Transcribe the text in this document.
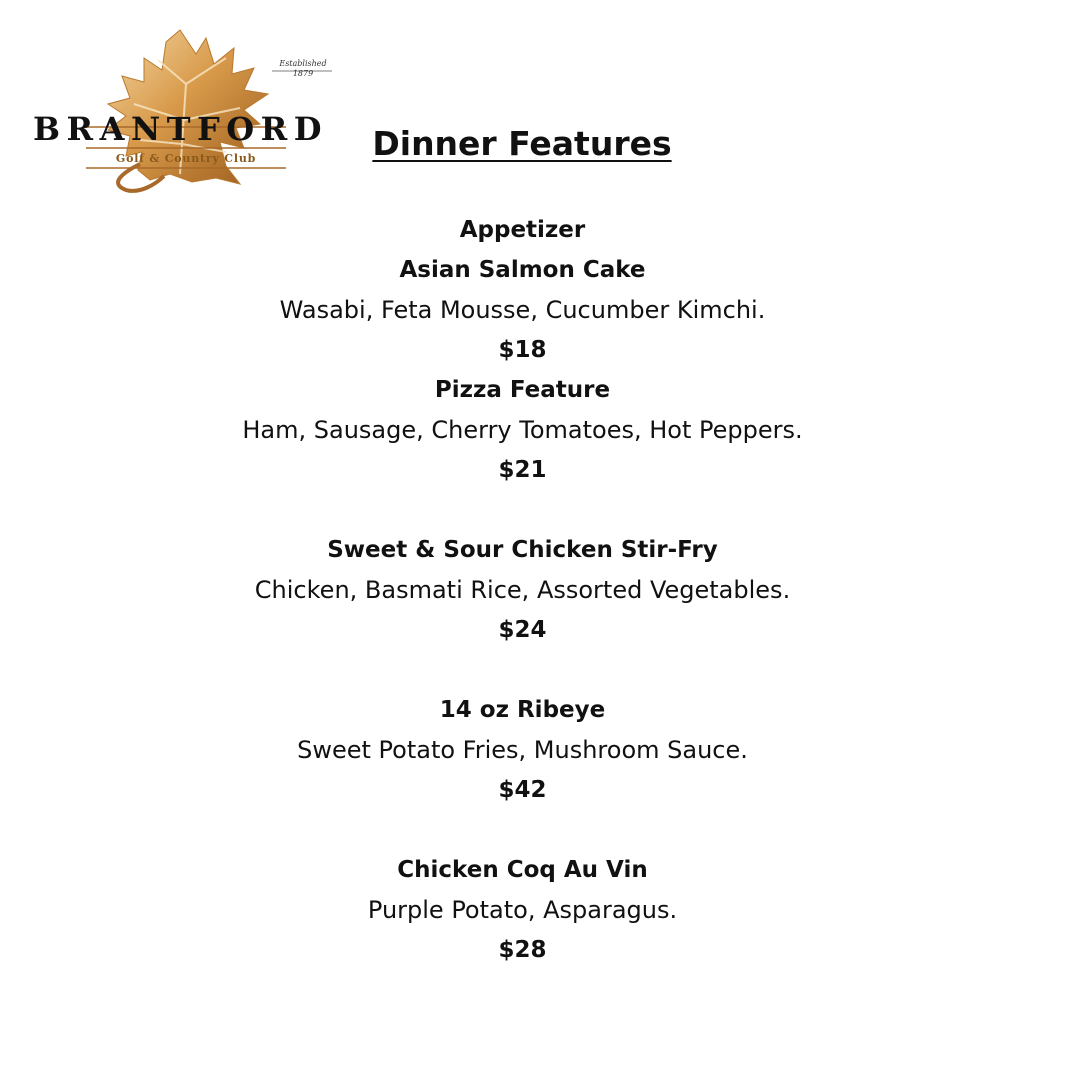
Established
1879
BRANTFORD
Golf & Country Club	Dinner Features
Appetizer
Asian Salmon Cake
Wasabi, Feta Mousse, Cucumber Kimchi.
$18
Pizza Feature
Ham, Sausage, Cherry Tomatoes, Hot Peppers.
$21
Sweet & Sour Chicken Stir-Fry
Chicken, Basmati Rice, Assorted Vegetables.
$24
14 oz Ribeye
Sweet Potato Fries, Mushroom Sauce.
$42
Chicken Coq Au Vin
Purple Potato, Asparagus.
$28
